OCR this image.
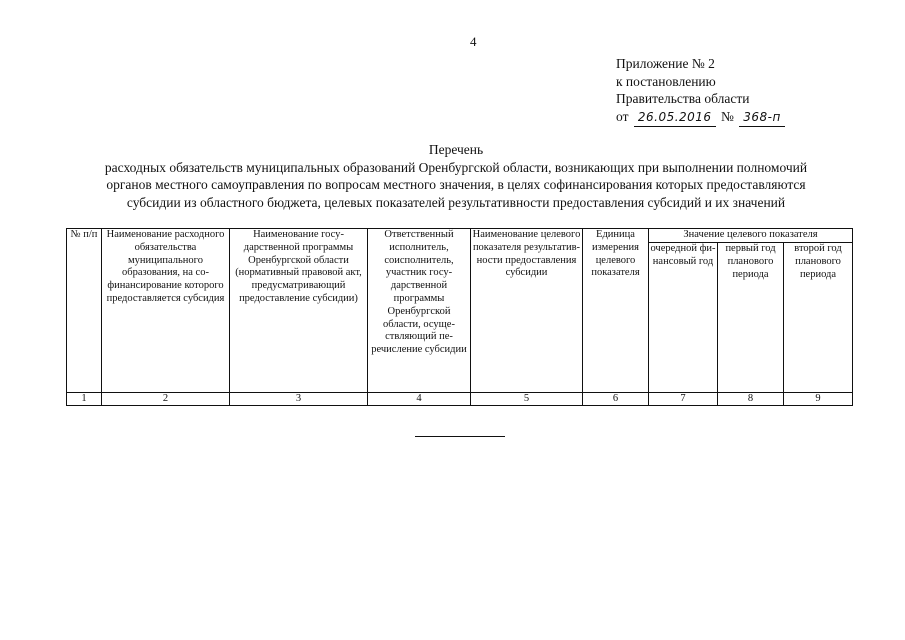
4
Приложение № 2
к постановлению
Правительства области
от 26.05.2016 № 368-п
Перечень
расходных обязательств муниципальных образований Оренбургской области, возникающих при выполнении полномочий
органов местного самоуправления по вопросам местного значения, в целях софинансирования которых предоставляются
субсидии из областного бюджета, целевых показателей результативности предоставления субсидий и их значений
№ п/п	Наименование расходного обязательства муниципального образования, на софинансирование которого предоставляется субсидия	Наименование государственной программы Оренбургской области (нормативный правовой акт, предусматривающий предоставление субсидии)	Ответственный исполнитель, соисполнитель, участник государственной программы Оренбургской области, осуществляющий перечисление субсидии	Наименование целевого показателя результативности предоставления субсидии	Единица измерения целевого показателя	Значение целевого показателя		
						очередной финансовый год	первый год планового периода	второй год планового периода
1	2	3	4	5	6	7	8	9
